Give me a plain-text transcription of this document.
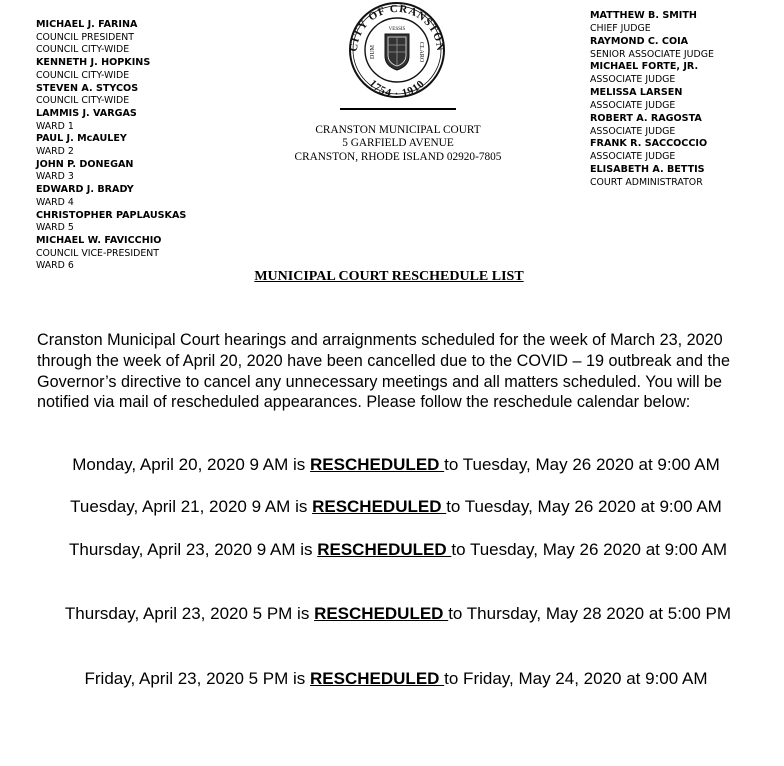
MICHAEL J. FARINA
COUNCIL PRESIDENT
COUNCIL CITY-WIDE
KENNETH J. HOPKINS
COUNCIL CITY-WIDE
STEVEN A. STYCOS
COUNCIL CITY-WIDE
LAMMIS J. VARGAS
WARD 1
PAUL J. McAULEY
WARD 2
JOHN P. DONEGAN
WARD 3
EDWARD J. BRADY
WARD 4
CHRISTOPHER PAPLAUSKAS
WARD 5
MICHAEL W. FAVICCHIO
COUNCIL VICE-PRESIDENT
WARD 6
CITY OF CRANSTON
1754 · 1910
VESSIS
DUM	CLARO
CRANSTON MUNICIPAL COURT
5 GARFIELD AVENUE
CRANSTON, RHODE ISLAND 02920-7805
MATTHEW B. SMITH
CHIEF JUDGE
RAYMOND C. COIA
SENIOR ASSOCIATE JUDGE
MICHAEL FORTE, JR.
ASSOCIATE JUDGE
MELISSA LARSEN
ASSOCIATE JUDGE
ROBERT A. RAGOSTA
ASSOCIATE JUDGE
FRANK R. SACCOCCIO
ASSOCIATE JUDGE
ELISABETH A. BETTIS
COURT ADMINISTRATOR
MUNICIPAL COURT RESCHEDULE LIST
Cranston Municipal Court hearings and arraignments scheduled for the week of March 23, 2020 through the week of April 20, 2020 have been cancelled due to the COVID – 19 outbreak and the Governor’s directive to cancel any unnecessary meetings and all matters scheduled. You will be notified via mail of rescheduled appearances. Please follow the reschedule calendar below:
Monday, April 20, 2020 9 AM is RESCHEDULED to Tuesday, May 26 2020 at 9:00 AM
Tuesday, April 21, 2020 9 AM is RESCHEDULED to Tuesday, May 26 2020 at 9:00 AM
Thursday, April 23, 2020 9 AM is RESCHEDULED to Tuesday, May 26 2020 at 9:00 AM
Thursday, April 23, 2020 5 PM is RESCHEDULED to Thursday, May 28 2020 at 5:00 PM
Friday, April 23, 2020 5 PM is RESCHEDULED to Friday, May 24, 2020 at 9:00 AM
